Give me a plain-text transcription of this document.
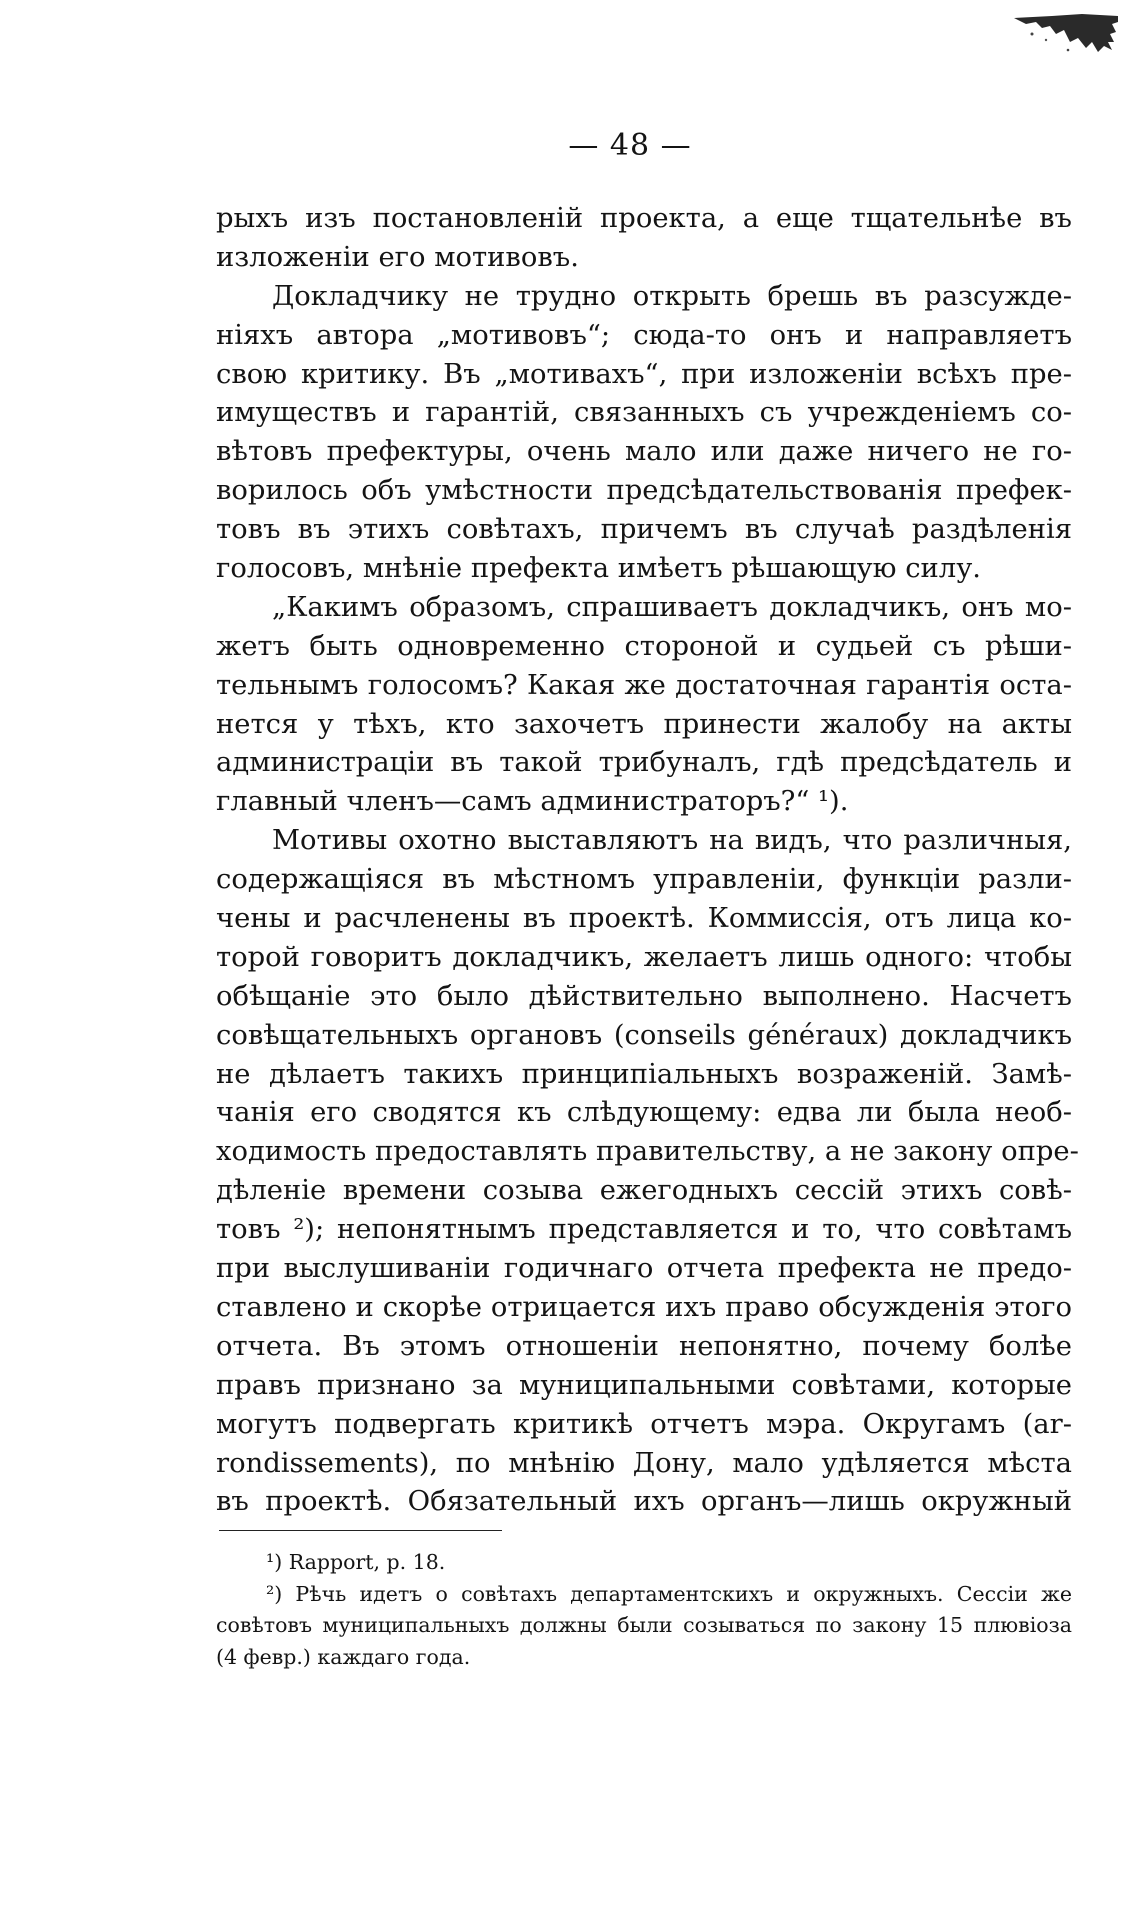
— 48 —
рыхъ изъ постановленій проекта, а еще тщательнѣе въ
изложеніи его мотивовъ.
Докладчику не трудно открыть брешь въ разсужде-
ніяхъ автора „мотивовъ“; сюда-то онъ и направляетъ
свою критику. Въ „мотивахъ“, при изложеніи всѣхъ пре-
имуществъ и гарантій, связанныхъ съ учрежденіемъ со-
вѣтовъ префектуры, очень мало или даже ничего не го-
ворилось объ умѣстности предсѣдательствованія префек-
товъ въ этихъ совѣтахъ, причемъ въ случаѣ раздѣленія
голосовъ, мнѣніе префекта имѣетъ рѣшающую силу.
„Какимъ образомъ, спрашиваетъ докладчикъ, онъ мо-
жетъ быть одновременно стороной и судьей съ рѣши-
тельнымъ голосомъ? Какая же достаточная гарантія оста-
нется у тѣхъ, кто захочетъ принести жалобу на акты
администраціи въ такой трибуналъ, гдѣ предсѣдатель и
главный членъ—самъ администраторъ?“ ¹).
Мотивы охотно выставляютъ на видъ, что различныя,
содержащіяся въ мѣстномъ управленіи, функціи разли-
чены и расчленены въ проектѣ. Коммиссія, отъ лица ко-
торой говоритъ докладчикъ, желаетъ лишь одного: чтобы
обѣщаніе это было дѣйствительно выполнено. Насчетъ
совѣщательныхъ органовъ (conseils généraux) докладчикъ
не дѣлаетъ такихъ принципіальныхъ возраженій. Замѣ-
чанія его сводятся къ слѣдующему: едва ли была необ-
ходимость предоставлять правительству, а не закону опре-
дѣленіе времени созыва ежегодныхъ сессій этихъ совѣ-
товъ ²); непонятнымъ представляется и то, что совѣтамъ
при выслушиваніи годичнаго отчета префекта не предо-
ставлено и скорѣе отрицается ихъ право обсужденія этого
отчета. Въ этомъ отношеніи непонятно, почему болѣе
правъ признано за муниципальными совѣтами, которые
могутъ подвергать критикѣ отчетъ мэра. Округамъ (ar-
rondissements), по мнѣнію Дону, мало удѣляется мѣста
въ проектѣ. Обязательный ихъ органъ—лишь окружный
¹) Rapport, p. 18.
²) Рѣчь идетъ о совѣтахъ департаментскихъ и окружныхъ. Сессіи же
совѣтовъ муниципальныхъ должны были созываться по закону 15 плювіоза
(4 февр.) каждаго года.
